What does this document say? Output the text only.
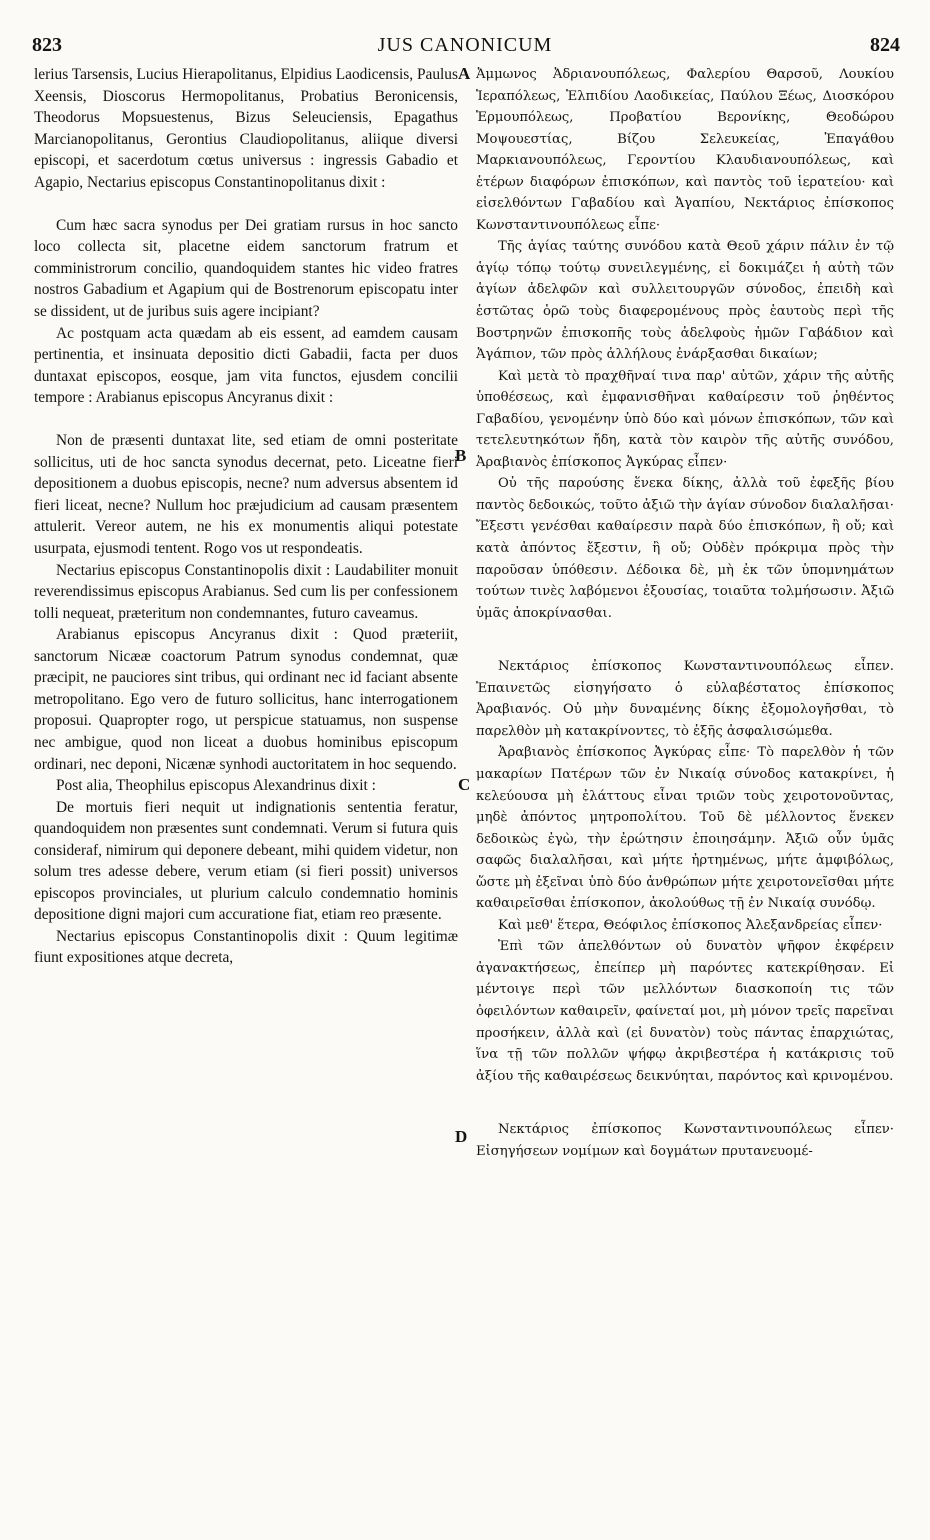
823	JUS CANONICUM	824

lerius Tarsensis, Lucius Hierapolitanus, Elpidius Laodicensis, Paulus Xeensis, Dioscorus Hermopolitanus, Probatius Beronicensis, Theodorus Mopsuestenus, Bizus Seleuciensis, Epagathus Marcianopolitanus, Gerontius Claudiopolitanus, aliique diversi episcopi, et sacerdotum cœtus universus : ingressis Gabadio et Agapio, Nectarius episcopus Constantinopolitanus dixit :

Cum hæc sacra synodus per Dei gratiam rursus in hoc sancto loco collecta sit, placetne eidem sanctorum fratrum et comministrorum concilio, quandoquidem stantes hic video fratres nostros Gabadium et Agapium qui de Bostrenorum episcopatu inter se dissident, ut de juribus suis agere incipiant?

Ac postquam acta quædam ab eis essent, ad eamdem causam pertinentia, et insinuata depositio dicti Gabadii, facta per duos duntaxat episcopos, eosque, jam vita functos, ejusdem concilii tempore : Arabianus episcopus Ancyranus dixit :

Non de præsenti duntaxat lite, sed etiam de omni posteritate sollicitus, uti de hoc sancta synodus decernat, peto. Liceatne fieri depositionem a duobus episcopis, necne? num adversus absentem id fieri liceat, necne? Nullum hoc præjudicium ad causam præsentem attulerit. Vereor autem, ne his ex monumentis aliqui potestate usurpata, ejusmodi tentent. Rogo vos ut respondeatis.

Nectarius episcopus Constantinopolis dixit : Laudabiliter monuit reverendissimus episcopus Arabianus. Sed cum lis per confessionem tolli nequeat, præteritum non condemnantes, futuro caveamus.

Arabianus episcopus Ancyranus dixit : Quod præteriit, sanctorum Nicææ coactorum Patrum synodus condemnat, quæ præcipit, ne pauciores sint tribus, qui ordinant nec id faciant absente metropolitano. Ego vero de futuro sollicitus, hanc interrogationem proposui. Quapropter rogo, ut perspicue statuamus, non suspense nec ambigue, quod non liceat a duobus hominibus episcopum ordinari, nec deponi, Nicænæ synhodi auctoritatem in hoc sequendo.

Post alia, Theophilus episcopus Alexandrinus dixit :

De mortuis fieri nequit ut indignationis sententia feratur, quandoquidem non præsentes sunt condemnati. Verum si futura quis consideraf, nimirum qui deponere debeant, mihi quidem videtur, non solum tres adesse debere, verum etiam (si fieri possit) universos episcopos provinciales, ut plurium calculo condemnatio hominis depositione digni majori cum accuratione fiat, etiam reo præsente.

Nectarius episcopus Constantinopolis dixit : Quum legitimæ fiunt expositiones atque decreta,

A
B
C
D

Ἀμμωνος Ἀδριανουπόλεως, Φαλερίου Θαρσοῦ, Λουκίου Ἱεραπόλεως, Ἐλπιδίου Λαοδικείας, Παύλου Ξέως, Διοσκόρου Ἑρμουπόλεως, Προβατίου Βερονίκης, Θεοδώρου Μοψουεστίας, Βίζου Σελευκείας, Ἐπαγάθου Μαρκιανουπόλεως, Γεροντίου Κλαυδιανουπόλεως, καὶ ἑτέρων διαφόρων ἐπισκόπων, καὶ παντὸς τοῦ ἱερατείου· καὶ εἰσελθόντων Γαβαδίου καὶ Ἀγαπίου, Νεκτάριος ἐπίσκοπος Κωνσταντινουπόλεως εἶπε·

Τῆς ἁγίας ταύτης συνόδου κατὰ Θεοῦ χάριν πάλιν ἐν τῷ ἁγίῳ τόπῳ τούτῳ συνειλεγμένης, εἰ δοκιμάζει ἡ αὐτὴ τῶν ἁγίων ἀδελφῶν καὶ συλλειτουργῶν σύνοδος, ἐπειδὴ καὶ ἑστῶτας ὁρῶ τοὺς διαφερομένους πρὸς ἑαυτοὺς περὶ τῆς Βοστρηνῶν ἐπισκοπῆς τοὺς ἀδελφοὺς ἡμῶν Γαβάδιον καὶ Ἀγάπιον, τῶν πρὸς ἀλλήλους ἐνάρξασθαι δικαίων;

Καὶ μετὰ τὸ πραχθῆναί τινα παρ' αὐτῶν, χάριν τῆς αὐτῆς ὑποθέσεως, καὶ ἐμφανισθῆναι καθαίρεσιν τοῦ ῥηθέντος Γαβαδίου, γενομένην ὑπὸ δύο καὶ μόνων ἐπισκόπων, τῶν καὶ τετελευτηκότων ἤδη, κατὰ τὸν καιρὸν τῆς αὐτῆς συνόδου, Ἀραβιανὸς ἐπίσκοπος Ἀγκύρας εἶπεν·

Οὐ τῆς παρούσης ἕνεκα δίκης, ἀλλὰ τοῦ ἐφεξῆς βίου παντὸς δεδοικώς, τοῦτο ἀξιῶ τὴν ἁγίαν σύνοδον διαλαλῆσαι· Ἔξεστι γενέσθαι καθαίρεσιν παρὰ δύο ἐπισκόπων, ἢ οὔ; καὶ κατὰ ἀπόντος ἔξεστιν, ἢ οὔ; Οὐδὲν πρόκριμα πρὸς τὴν παροῦσαν ὑπόθεσιν. Δέδοικα δὲ, μὴ ἐκ τῶν ὑπομνημάτων τούτων τινὲς λαβόμενοι ἐξουσίας, τοιαῦτα τολμήσωσιν. Ἀξιῶ ὑμᾶς ἀποκρίνασθαι.

Νεκτάριος ἐπίσκοπος Κωνσταντινουπόλεως εἶπεν. Ἐπαινετῶς εἰσηγήσατο ὁ εὐλαβέστατος ἐπίσκοπος Ἀραβιανός. Οὐ μὴν δυναμένης δίκης ἐξομολογῆσθαι, τὸ παρελθὸν μὴ κατακρίνοντες, τὸ ἑξῆς ἀσφαλισώμεθα.

Ἀραβιανὸς ἐπίσκοπος Ἀγκύρας εἶπε· Τὸ παρελθὸν ἡ τῶν μακαρίων Πατέρων τῶν ἐν Νικαίᾳ σύνοδος κατακρίνει, ἡ κελεύουσα μὴ ἐλάττους εἶναι τριῶν τοὺς χειροτονοῦντας, μηδὲ ἀπόντος μητροπολίτου. Τοῦ δὲ μέλλοντος ἕνεκεν δεδοικὼς ἐγὼ, τὴν ἐρώτησιν ἐποιησάμην. Ἀξιῶ οὖν ὑμᾶς σαφῶς διαλαλῆσαι, καὶ μήτε ἠρτημένως, μήτε ἀμφιβόλως, ὥστε μὴ ἐξεῖναι ὑπὸ δύο ἀνθρώπων μήτε χειροτονεῖσθαι μήτε καθαιρεῖσθαι ἐπίσκοπον, ἀκολούθως τῇ ἐν Νικαίᾳ συνόδῳ.

Καὶ μεθ' ἕτερα, Θεόφιλος ἐπίσκοπος Ἀλεξανδρείας εἶπεν·

Ἐπὶ τῶν ἀπελθόντων οὐ δυνατὸν ψῆφον ἐκφέρειν ἀγανακτήσεως, ἐπείπερ μὴ παρόντες κατεκρίθησαν. Εἰ μέντοιγε περὶ τῶν μελλόντων διασκοποίη τις τῶν ὀφειλόντων καθαιρεῖν, φαίνεταί μοι, μὴ μόνον τρεῖς παρεῖναι προσήκειν, ἀλλὰ καὶ (εἰ δυνατὸν) τοὺς πάντας ἐπαρχιώτας, ἵνα τῇ τῶν πολλῶν ψήφῳ ἀκριβεστέρα ἡ κατάκρισις τοῦ ἀξίου τῆς καθαιρέσεως δεικνύηται, παρόντος καὶ κρινομένου.

Νεκτάριος ἐπίσκοπος Κωνσταντινουπόλεως εἶπεν· Εἰσηγήσεων νομίμων καὶ δογμάτων πρυτανευομέ-
